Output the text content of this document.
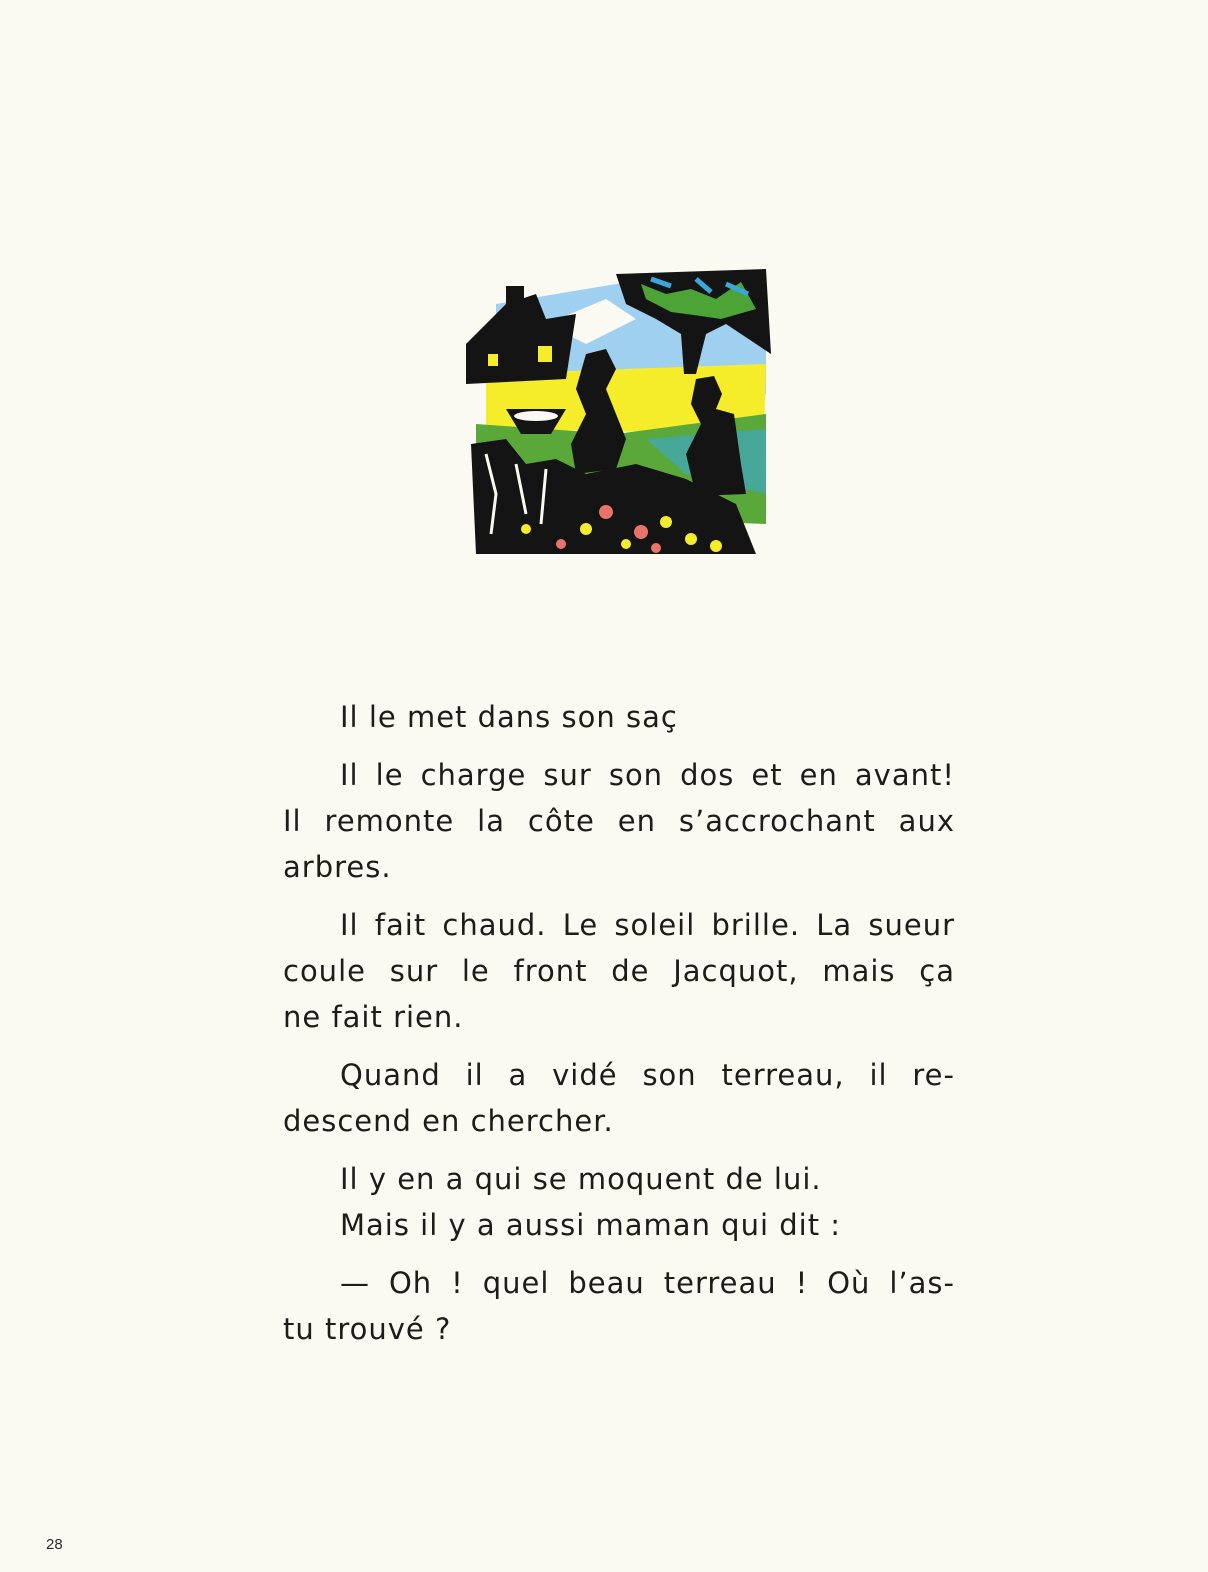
Il le met dans son saç

Il le charge sur son dos et en avant!
Il remonte la côte en s’accrochant aux
arbres.

Il fait chaud. Le soleil brille. La sueur
coule sur le front de Jacquot, mais ça
ne fait rien.

Quand il a vidé son terreau, il re-
descend en chercher.

Il y en a qui se moquent de lui.

Mais il y a aussi maman qui dit :

— Oh ! quel beau terreau ! Où l’as-
tu trouvé ?

28
